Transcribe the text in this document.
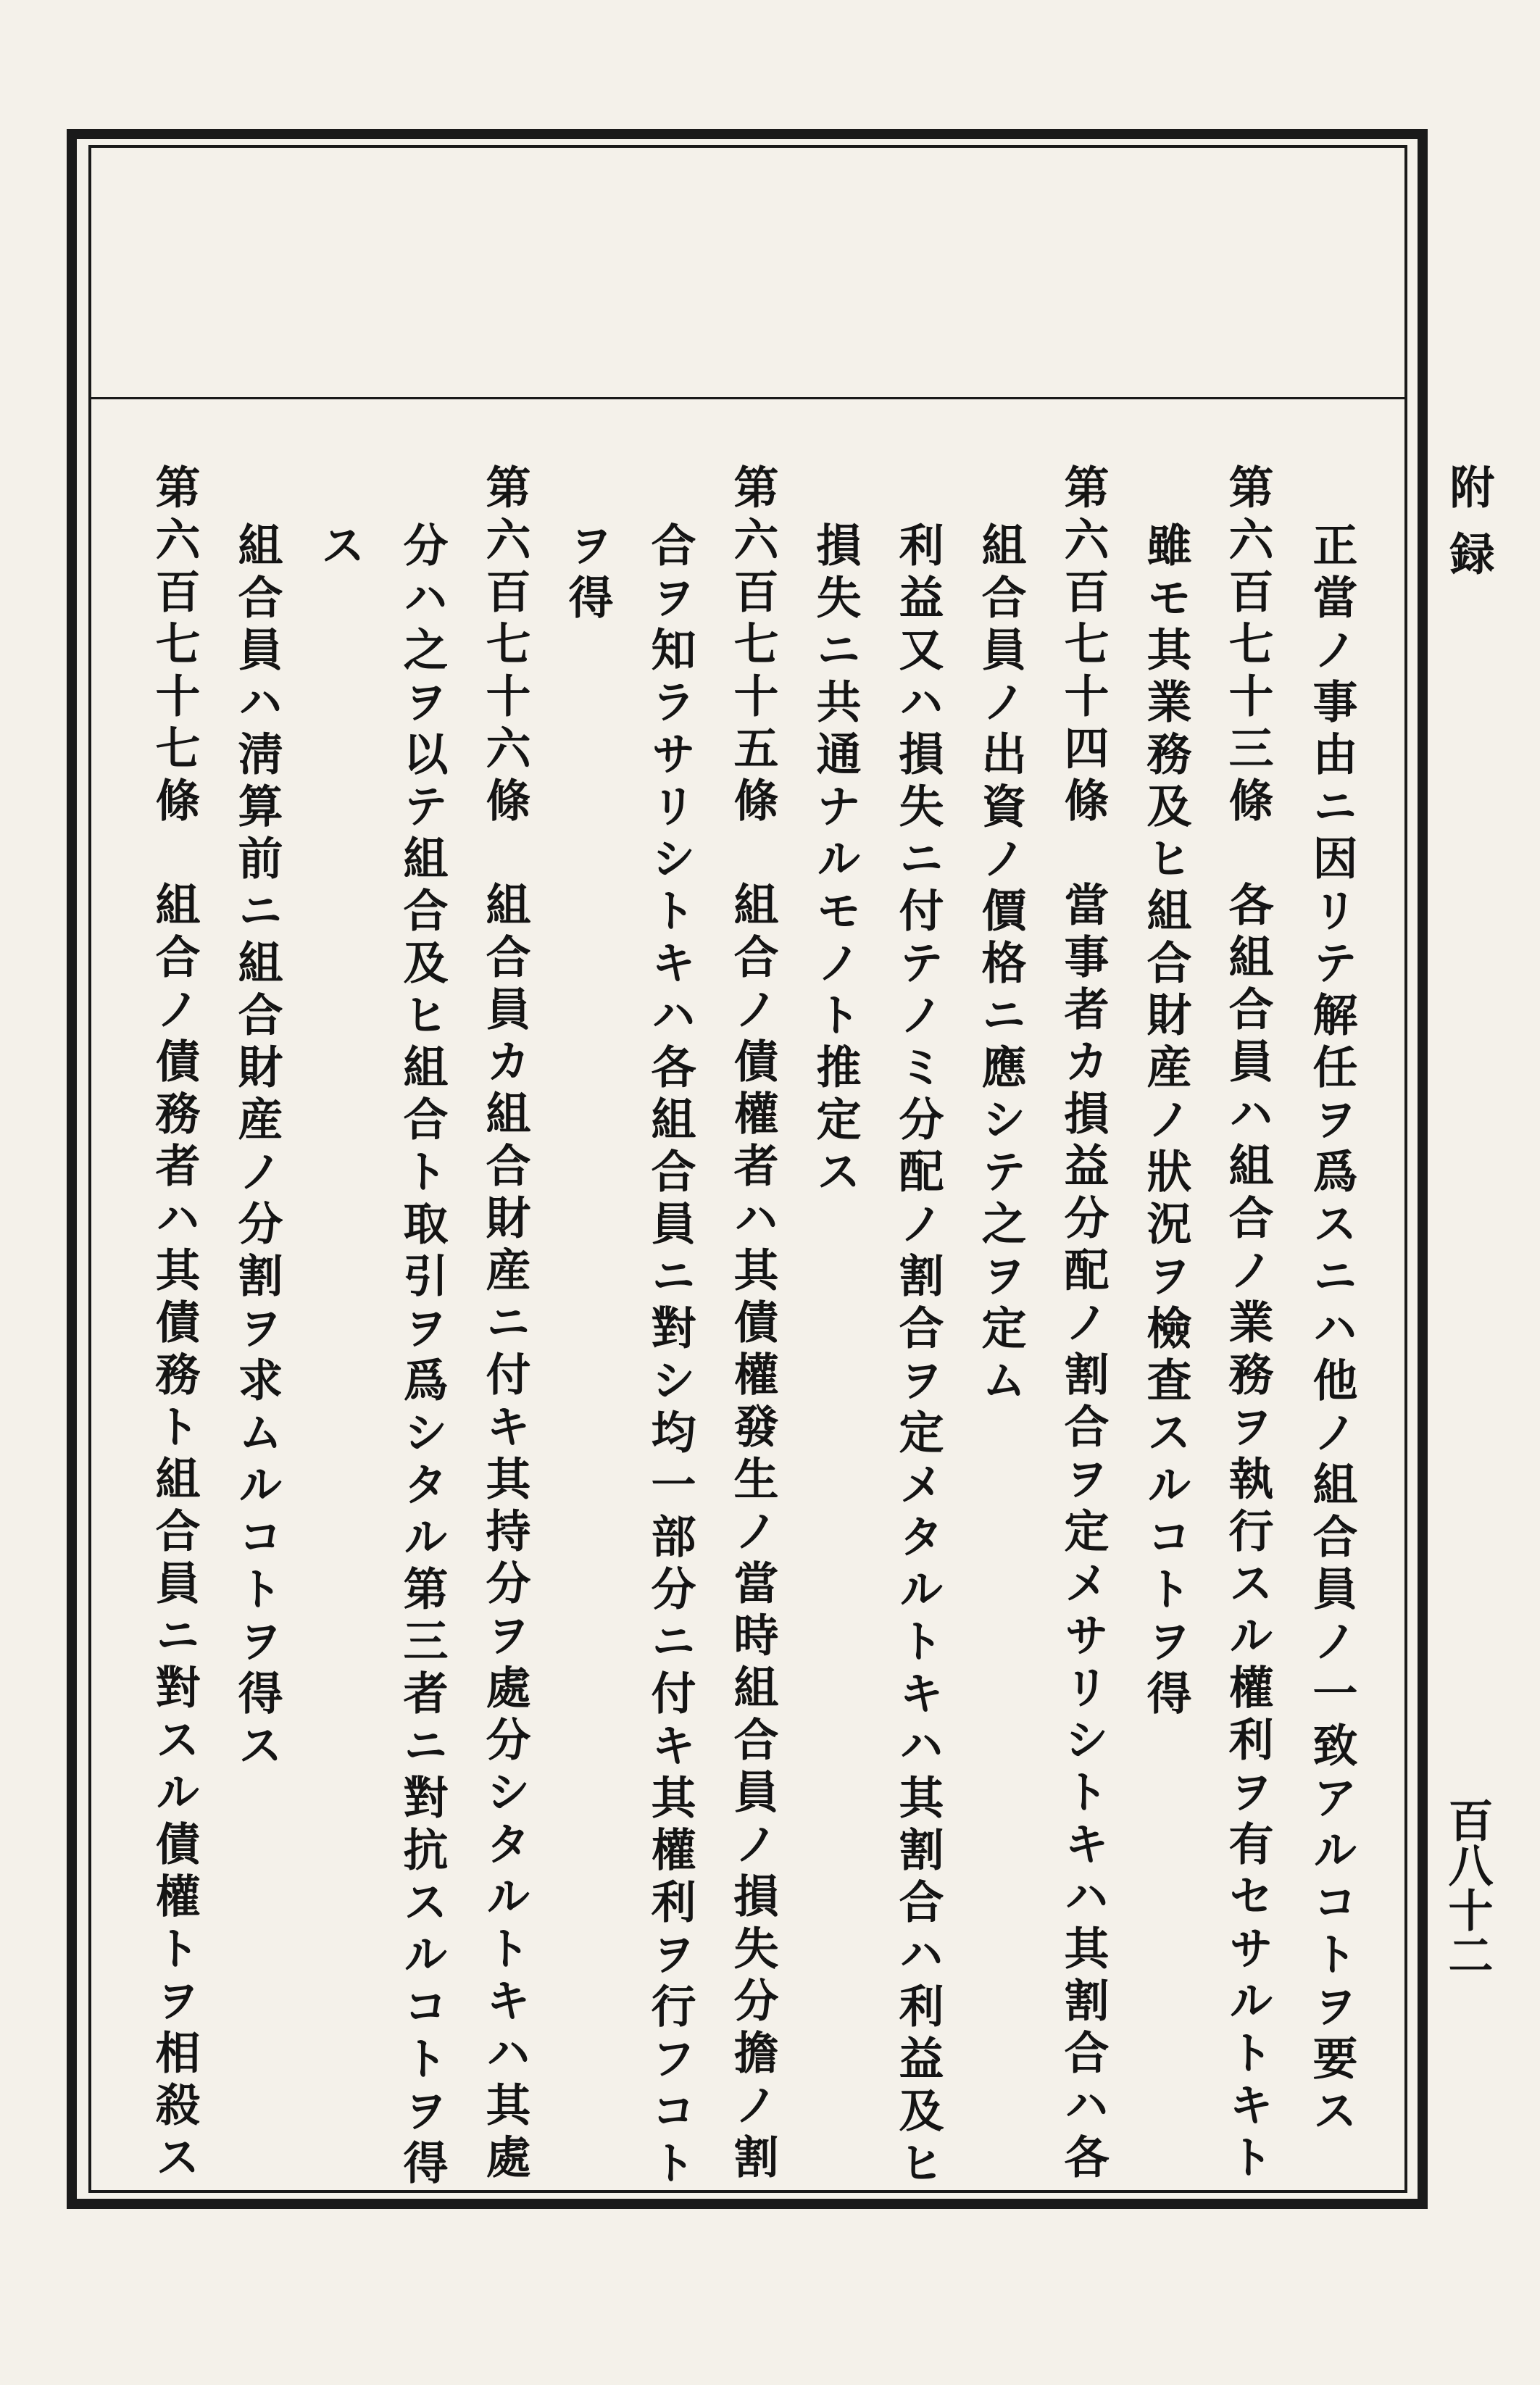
附録
百八十二
正當ノ事由ニ因リテ解任ヲ爲スニハ他ノ組合員ノ一致アルコトヲ要ス
第六百七十三條　各組合員ハ組合ノ業務ヲ執行スル權利ヲ有セサルトキト
雖モ其業務及ヒ組合財産ノ狀況ヲ檢査スルコトヲ得
第六百七十四條　當事者カ損益分配ノ割合ヲ定メサリシトキハ其割合ハ各
組合員ノ出資ノ價格ニ應シテ之ヲ定ム
利益又ハ損失ニ付テノミ分配ノ割合ヲ定メタルトキハ其割合ハ利益及ヒ
損失ニ共通ナルモノト推定ス
第六百七十五條　組合ノ債權者ハ其債權發生ノ當時組合員ノ損失分擔ノ割
合ヲ知ラサリシトキハ各組合員ニ對シ均一部分ニ付キ其權利ヲ行フコト
ヲ得
第六百七十六條　組合員カ組合財産ニ付キ其持分ヲ處分シタルトキハ其處
分ハ之ヲ以テ組合及ヒ組合ト取引ヲ爲シタル第三者ニ對抗スルコトヲ得
ス
組合員ハ淸算前ニ組合財産ノ分割ヲ求ムルコトヲ得ス
第六百七十七條　組合ノ債務者ハ其債務ト組合員ニ對スル債權トヲ相殺ス
